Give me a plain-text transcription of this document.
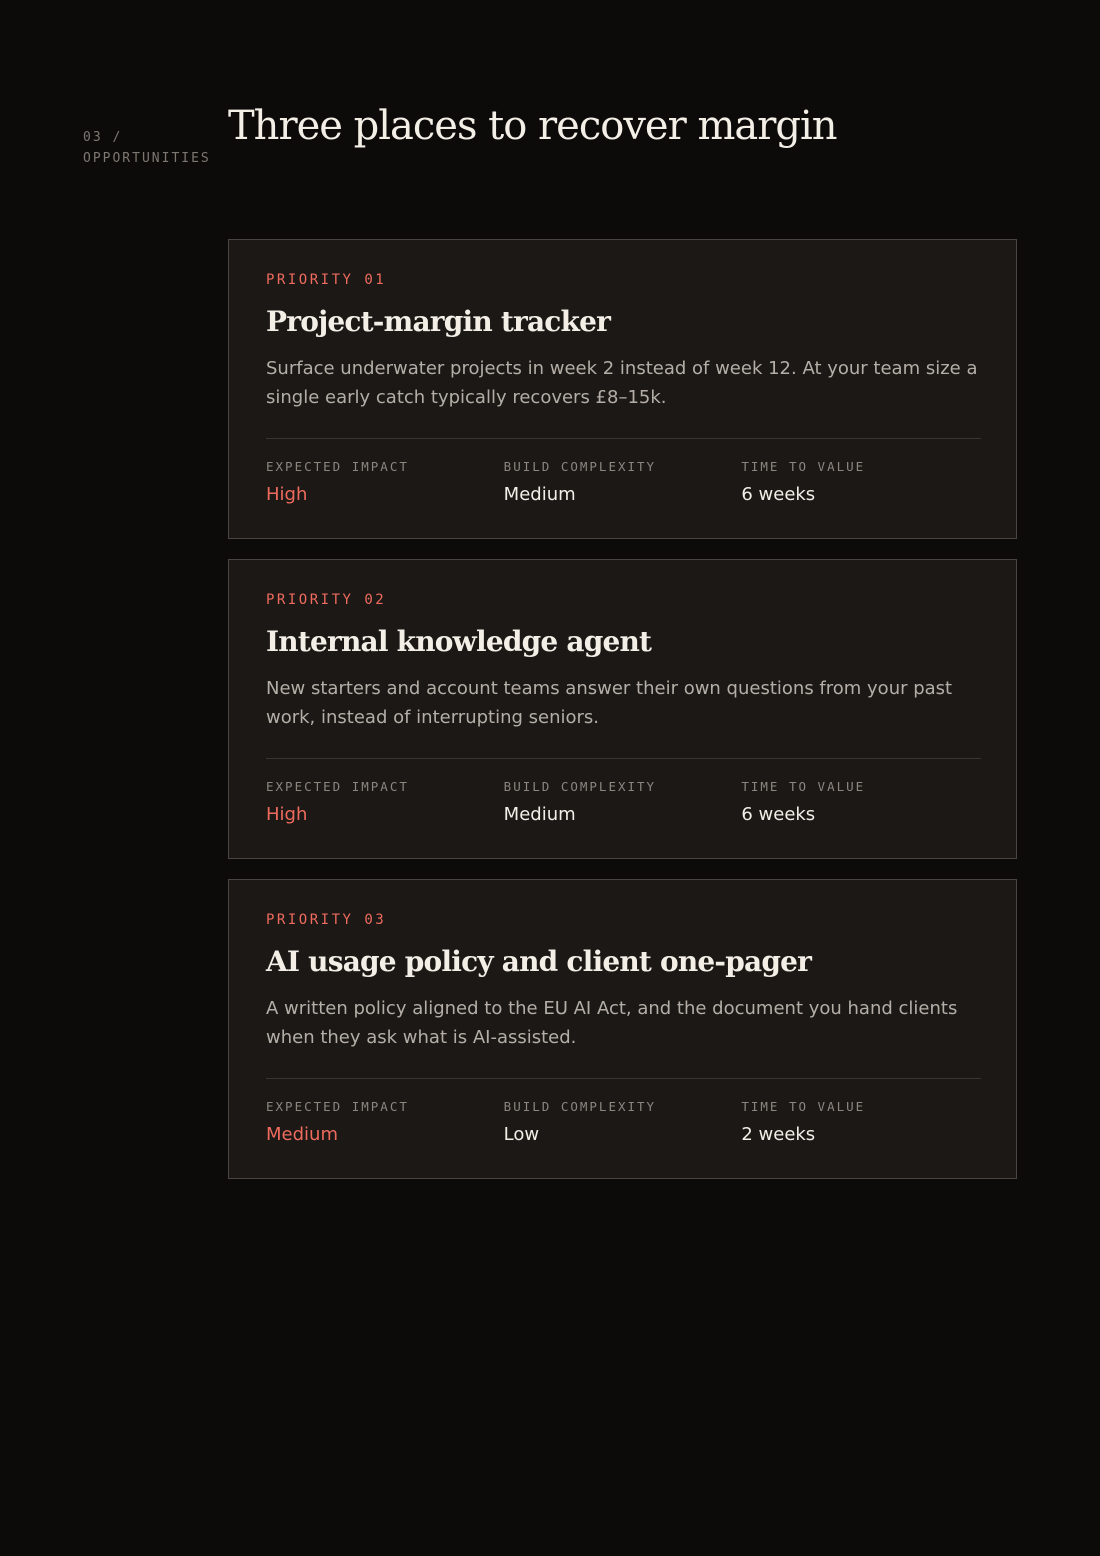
03 /
OPPORTUNITIES
Three places to recover margin
PRIORITY 01
Project-margin tracker

Surface underwater projects in week 2 instead of week 12. At your team size a single early catch typically recovers £8–15k.

EXPECTED IMPACT
High
BUILD COMPLEXITY
Medium
TIME TO VALUE
6 weeks
PRIORITY 02
Internal knowledge agent

New starters and account teams answer their own questions from your past work, instead of interrupting seniors.

EXPECTED IMPACT
High
BUILD COMPLEXITY
Medium
TIME TO VALUE
6 weeks
PRIORITY 03
AI usage policy and client one-pager

A written policy aligned to the EU AI Act, and the document you hand clients when they ask what is AI-assisted.

EXPECTED IMPACT
Medium
BUILD COMPLEXITY
Low
TIME TO VALUE
2 weeks
